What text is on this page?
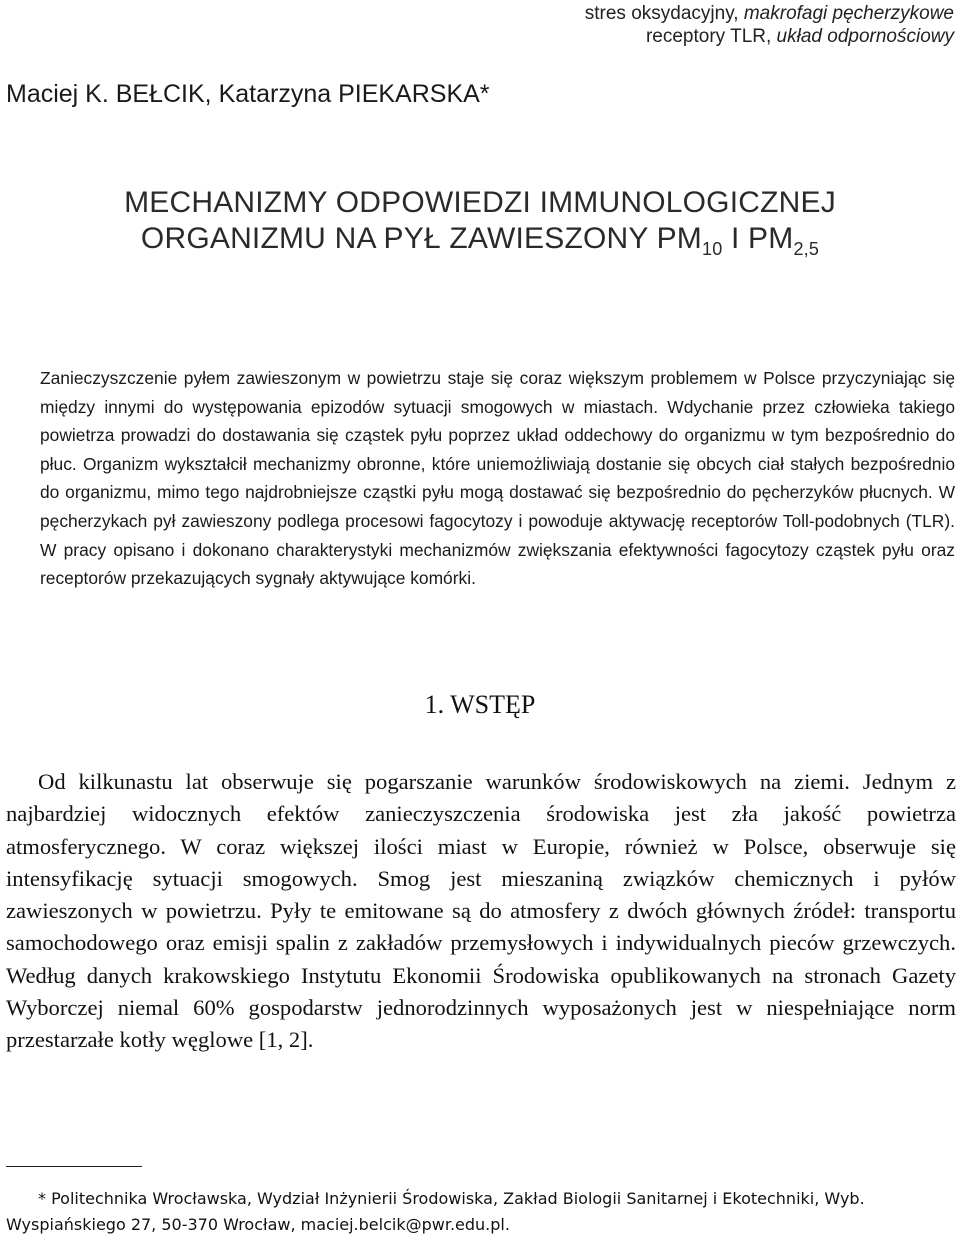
stres oksydacyjny, makrofagi pęcherzykowe
receptory TLR, układ odpornościowy
Maciej K. BEŁCIK, Katarzyna PIEKARSKA*
MECHANIZMY ODPOWIEDZI IMMUNOLOGICZNEJ
ORGANIZMU NA PYŁ ZAWIESZONY $PM_{10}$ I $PM_{2,5}$
Zanieczyszczenie pyłem zawieszonym w powietrzu staje się coraz większym problemem w Polsce przyczyniając się między innymi do występowania epizodów sytuacji smogowych w miastach. Wdychanie przez człowieka takiego powietrza prowadzi do dostawania się cząstek pyłu poprzez układ oddechowy do organizmu w tym bezpośrednio do płuc. Organizm wykształcił mechanizmy obronne, które uniemożliwiają dostanie się obcych ciał stałych bezpośrednio do organizmu, mimo tego najdrobniejsze cząstki pyłu mogą dostawać się bezpośrednio do pęcherzyków płucnych. W pęcherzykach pył zawieszony podlega procesowi fagocytozy i powoduje aktywację receptorów Toll-podobnych (TLR). W pracy opisano i dokonano charakterystyki mechanizmów zwiększania efektywności fagocytozy cząstek pyłu oraz receptorów przekazujących sygnały aktywujące komórki.
1. WSTĘP
Od kilkunastu lat obserwuje się pogarszanie warunków środowiskowych na ziemi. Jednym z najbardziej widocznych efektów zanieczyszczenia środowiska jest zła jakość powietrza atmosferycznego. W coraz większej ilości miast w Europie, również w Polsce, obserwuje się intensyfikację sytuacji smogowych. Smog jest mieszaniną związków chemicznych i pyłów zawieszonych w powietrzu. Pyły te emitowane są do atmosfery z dwóch głównych źródeł: transportu samochodowego oraz emisji spalin z zakładów przemysłowych i indywidualnych pieców grzewczych. Według danych krakowskiego Instytutu Ekonomii Środowiska opublikowanych na stronach Gazety Wyborczej niemal 60% gospodarstw jednorodzinnych wyposażonych jest w niespełniające norm przestarzałe kotły węglowe [1, 2].
* Politechnika Wrocławska, Wydział Inżynierii Środowiska, Zakład Biologii Sanitarnej i Ekotechniki, Wyb. Wyspiańskiego 27, 50-370 Wrocław, maciej.belcik@pwr.edu.pl.
